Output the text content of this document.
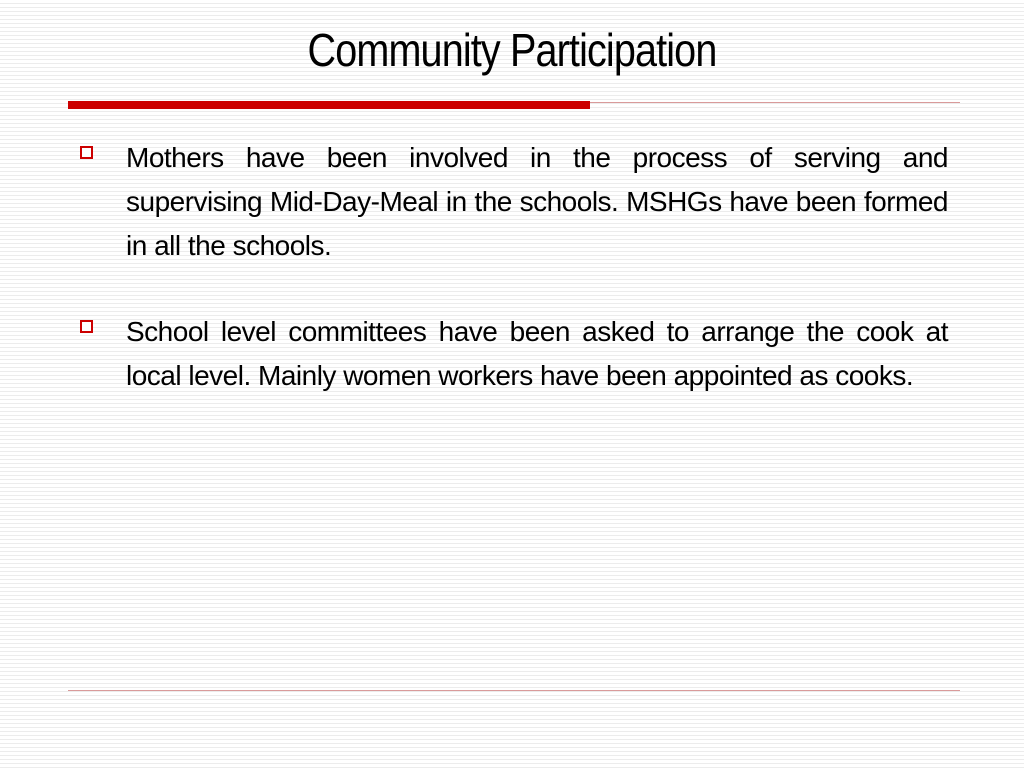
Community Participation
Mothers have been involved in the process of serving and supervising Mid-Day-Meal in the schools. MSHGs have been formed in all the schools.
School level committees have been asked to arrange the cook at local level. Mainly women workers have been appointed as cooks.
